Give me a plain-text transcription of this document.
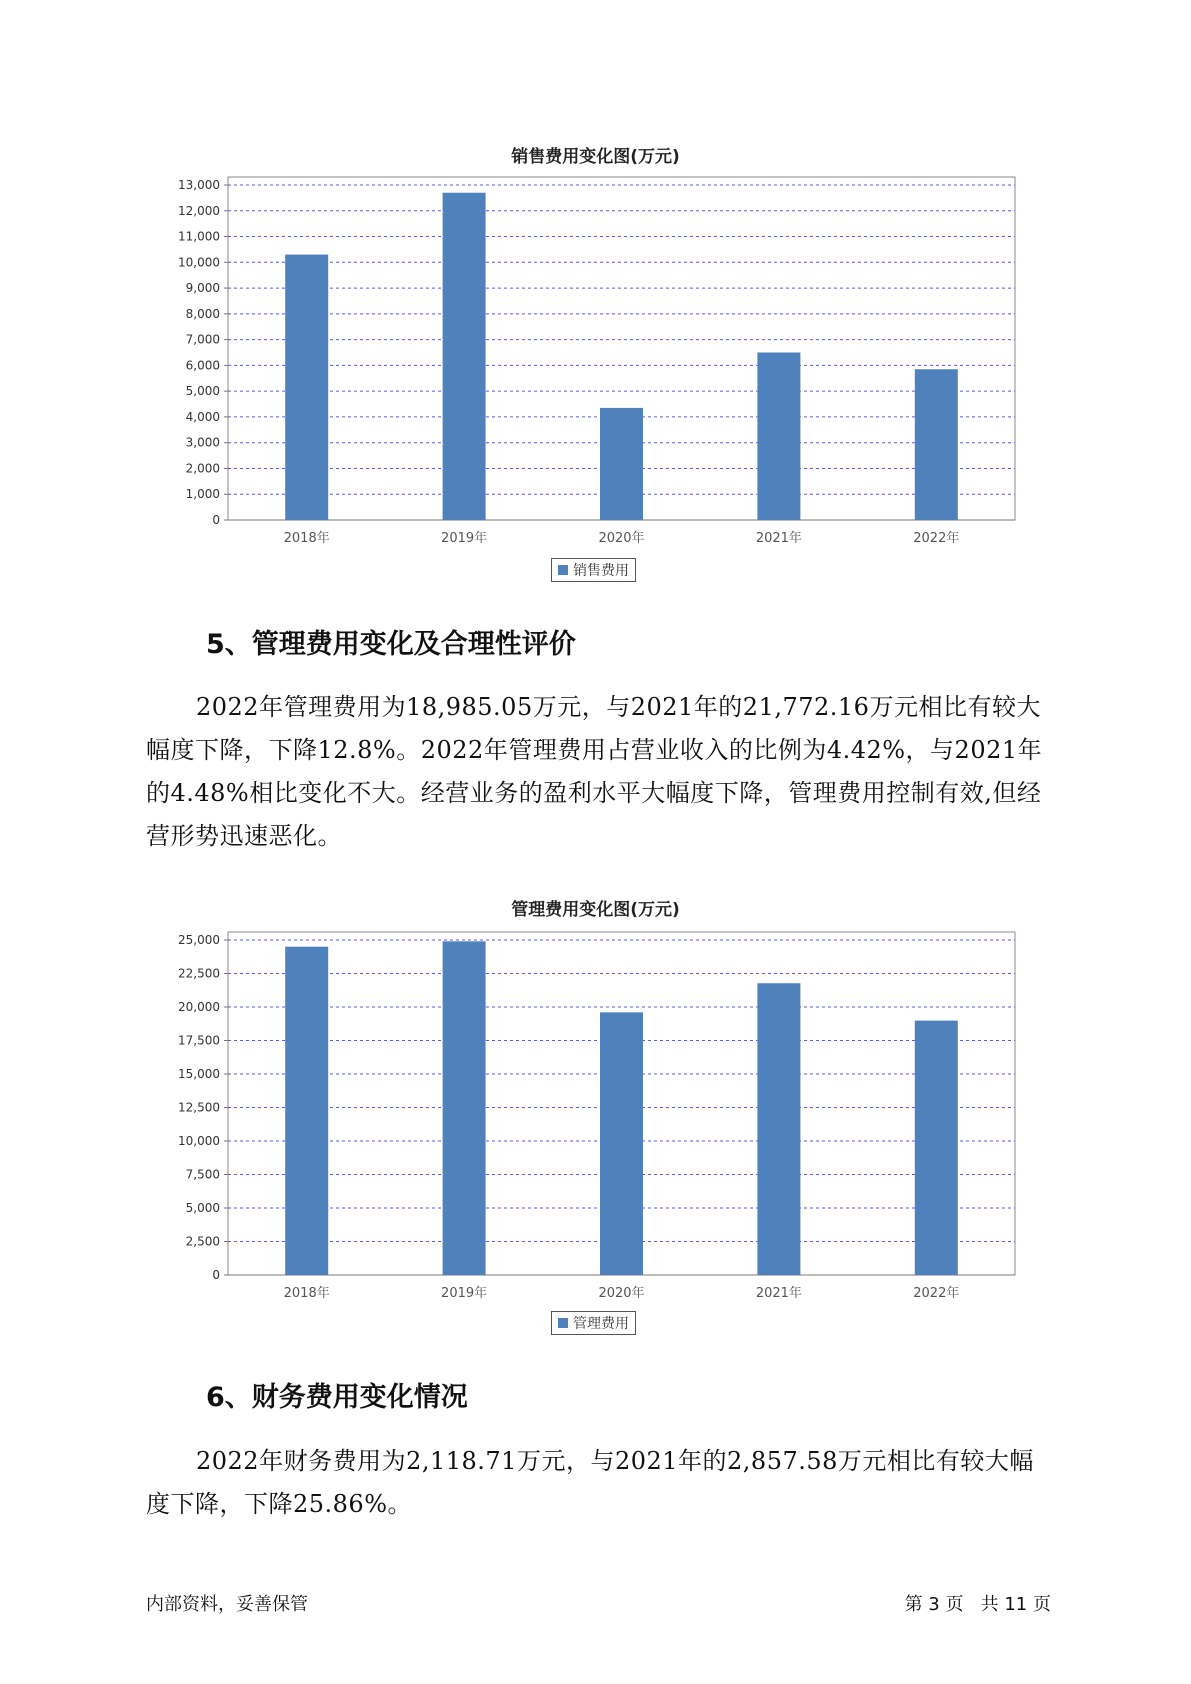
销售费用变化图(万元)
0
1,000
2,000
3,000
4,000
5,000
6,000
7,000
8,000
9,000
10,000
11,000
12,000
13,000
2018年	2019年	2020年	2021年	2022年
销售费用
5、管理费用变化及合理性评价

2022年管理费用为18,985.05万元，与2021年的21,772.16万元相比有较大幅度下降，下降12.8%。2022年管理费用占营业收入的比例为4.42%，与2021年的4.48%相比变化不大。经营业务的盈利水平大幅度下降，管理费用控制有效,但经营形势迅速恶化。

管理费用变化图(万元)
0
2,500
5,000
7,500
10,000
12,500
15,000
17,500
20,000
22,500
25,000
2018年	2019年	2020年	2021年	2022年
管理费用
6、财务费用变化情况

2022年财务费用为2,118.71万元，与2021年的2,857.58万元相比有较大幅度下降，下降25.86%。

内部资料，妥善保管	第 3 页   共 11 页
